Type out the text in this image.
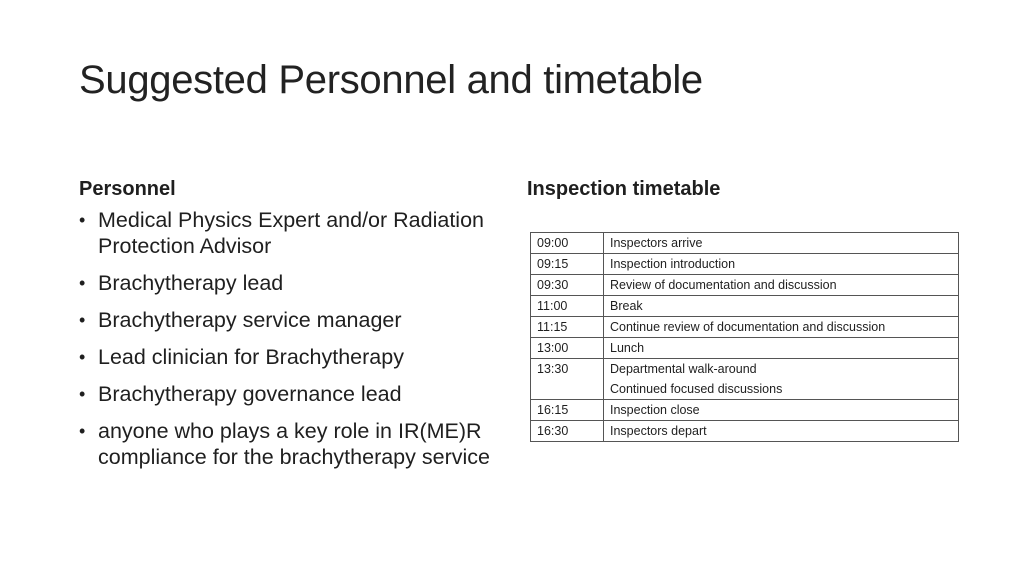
Suggested Personnel and timetable
Personnel
• Medical Physics Expert and/or Radiation Protection Advisor
• Brachytherapy lead
• Brachytherapy service manager
• Lead clinician for Brachytherapy
• Brachytherapy governance lead
• anyone who plays a key role in IR(ME)R compliance for the brachytherapy service
Inspection timetable
09:00	Inspectors arrive
09:15	Inspection introduction
09:30	Review of documentation and discussion
11:00	Break
11:15	Continue review of documentation and discussion
13:00	Lunch
13:30	Departmental walk-around
Continued focused discussions

16:15	Inspection close
16:30	Inspectors depart
